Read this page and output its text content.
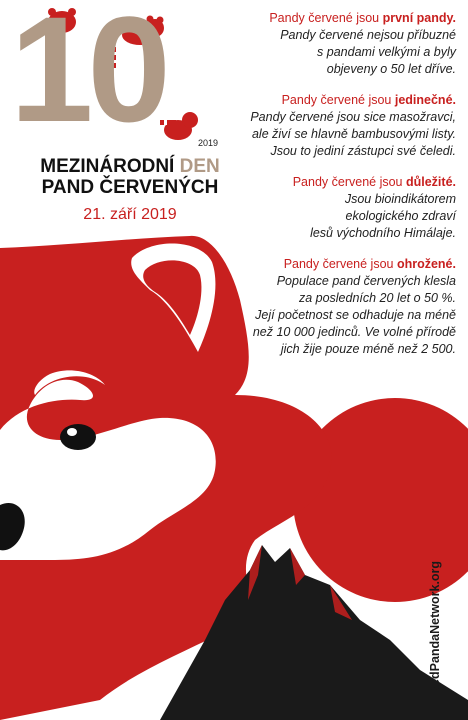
10	2019
MEZINÁRODNÍ DEN
PAND ČERVENÝCH
21. září 2019
Pandy červené jsou první pandy.
Pandy červené nejsou příbuzné
s pandami velkými a byly
objeveny o 50 let dříve.
Pandy červené jsou jedinečné.
Pandy červené jsou sice masožravci,
ale živí se hlavně bambusovými listy.
Jsou to jediní zástupci své čeledi.
Pandy červené jsou důležité.
Jsou bioindikátorem
ekologického zdraví
lesů východního Himálaje.
Pandy červené jsou ohrožené.
Populace pand červených klesla
za posledních 20 let o 50 %.
Její početnost se odhaduje na méně
než 10 000 jedinců. Ve volné přírodě
jich žije pouze méně než 2 500.
RedPandaNetwork.org
